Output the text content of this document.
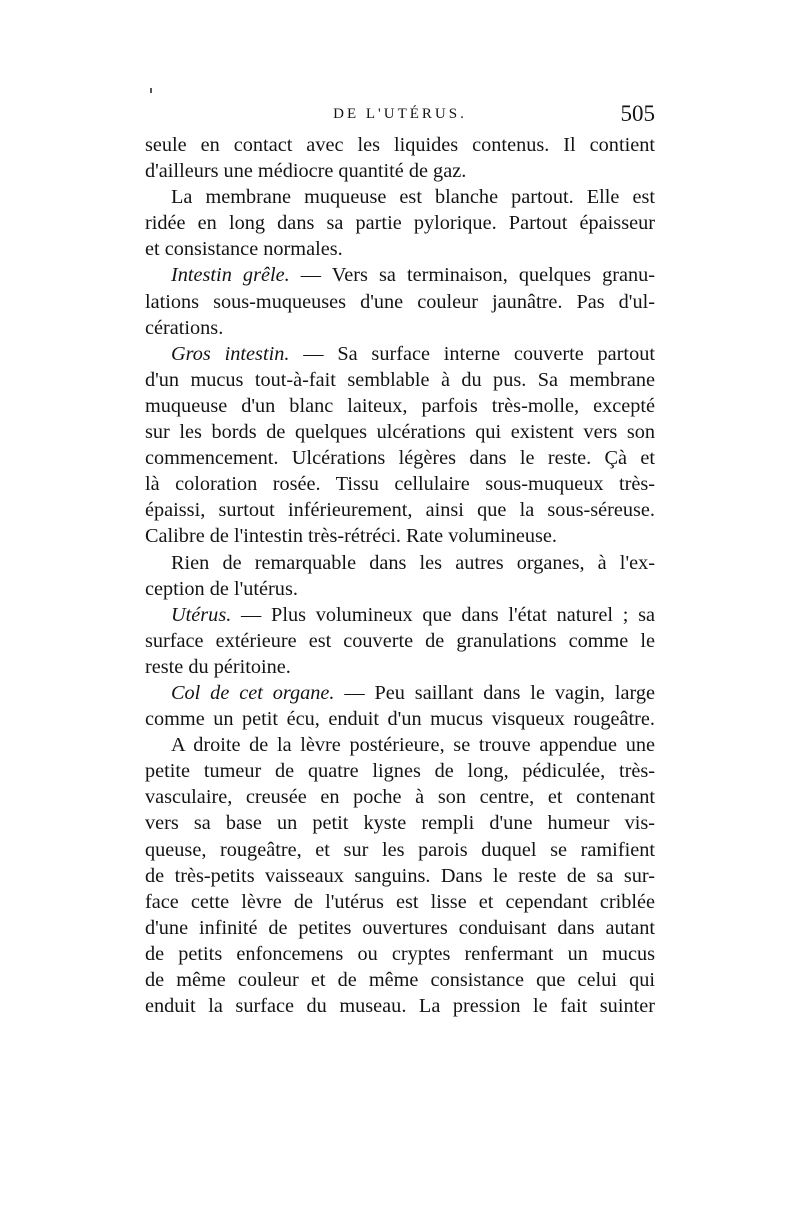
DE L'UTÉRUS.	505
seule en contact avec les liquides contenus. Il contient
d'ailleurs une médiocre quantité de gaz.
La membrane muqueuse est blanche partout. Elle est
ridée en long dans sa partie pylorique. Partout épaisseur
et consistance normales.
Intestin grêle. — Vers sa terminaison, quelques granu-
lations sous-muqueuses d'une couleur jaunâtre. Pas d'ul-
cérations.
Gros intestin. — Sa surface interne couverte partout
d'un mucus tout-à-fait semblable à du pus. Sa membrane
muqueuse d'un blanc laiteux, parfois très-molle, excepté
sur les bords de quelques ulcérations qui existent vers son
commencement. Ulcérations légères dans le reste. Çà et
là coloration rosée. Tissu cellulaire sous-muqueux très-
épaissi, surtout inférieurement, ainsi que la sous-séreuse.
Calibre de l'intestin très-rétréci. Rate volumineuse.
Rien de remarquable dans les autres organes, à l'ex-
ception de l'utérus.
Utérus. — Plus volumineux que dans l'état naturel ; sa
surface extérieure est couverte de granulations comme le
reste du péritoine.
Col de cet organe. — Peu saillant dans le vagin, large
comme un petit écu, enduit d'un mucus visqueux rougeâtre.
A droite de la lèvre postérieure, se trouve appendue une
petite tumeur de quatre lignes de long, pédiculée, très-
vasculaire, creusée en poche à son centre, et contenant
vers sa base un petit kyste rempli d'une humeur vis-
queuse, rougeâtre, et sur les parois duquel se ramifient
de très-petits vaisseaux sanguins. Dans le reste de sa sur-
face cette lèvre de l'utérus est lisse et cependant criblée
d'une infinité de petites ouvertures conduisant dans autant
de petits enfoncemens ou cryptes renfermant un mucus
de même couleur et de même consistance que celui qui
enduit la surface du museau. La pression le fait suinter
